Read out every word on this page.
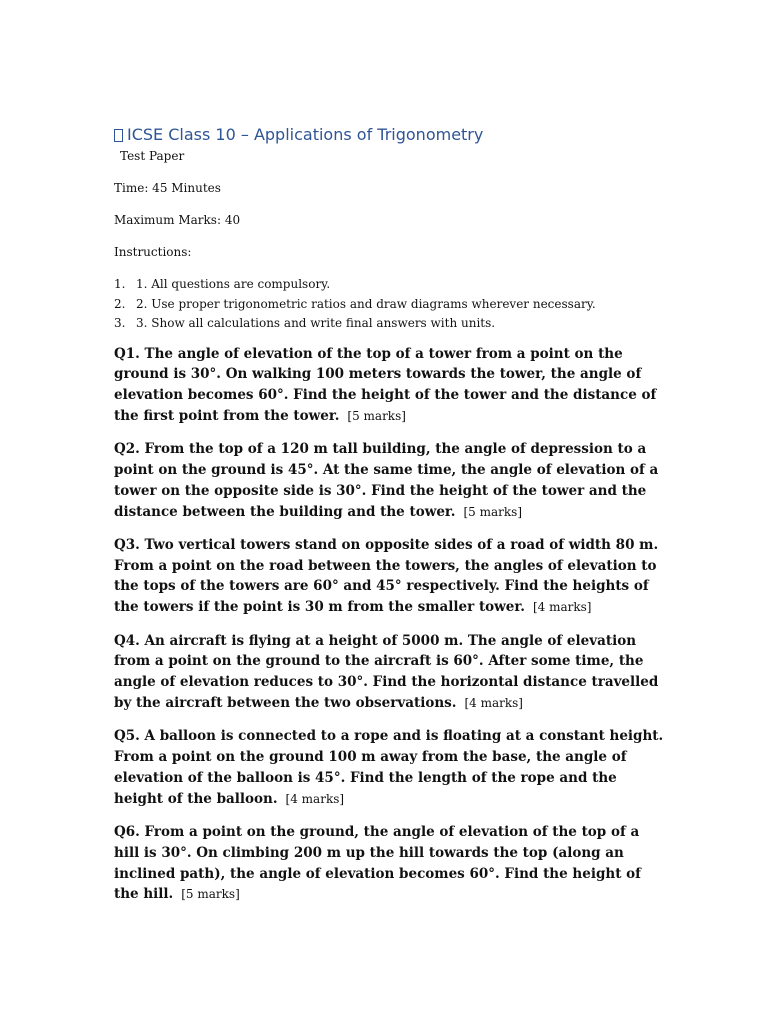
ICSE Class 10 – Applications of Trigonometry
Test Paper

Time: 45 Minutes

Maximum Marks: 40

Instructions:

1. 1. All questions are compulsory.
2. 2. Use proper trigonometric ratios and draw diagrams wherever necessary.
3. 3. Show all calculations and write final answers with units.

Q1. The angle of elevation of the top of a tower from a point on the ground is 30°. On walking 100 meters towards the tower, the angle of elevation becomes 60°. Find the height of the tower and the distance of the first point from the tower. [5 marks]

Q2. From the top of a 120 m tall building, the angle of depression to a point on the ground is 45°. At the same time, the angle of elevation of a tower on the opposite side is 30°. Find the height of the tower and the distance between the building and the tower. [5 marks]

Q3. Two vertical towers stand on opposite sides of a road of width 80 m. From a point on the road between the towers, the angles of elevation to the tops of the towers are 60° and 45° respectively. Find the heights of the towers if the point is 30 m from the smaller tower. [4 marks]

Q4. An aircraft is flying at a height of 5000 m. The angle of elevation from a point on the ground to the aircraft is 60°. After some time, the angle of elevation reduces to 30°. Find the horizontal distance travelled by the aircraft between the two observations. [4 marks]

Q5. A balloon is connected to a rope and is floating at a constant height. From a point on the ground 100 m away from the base, the angle of elevation of the balloon is 45°. Find the length of the rope and the height of the balloon. [4 marks]

Q6. From a point on the ground, the angle of elevation of the top of a hill is 30°. On climbing 200 m up the hill towards the top (along an inclined path), the angle of elevation becomes 60°. Find the height of the hill. [5 marks]
